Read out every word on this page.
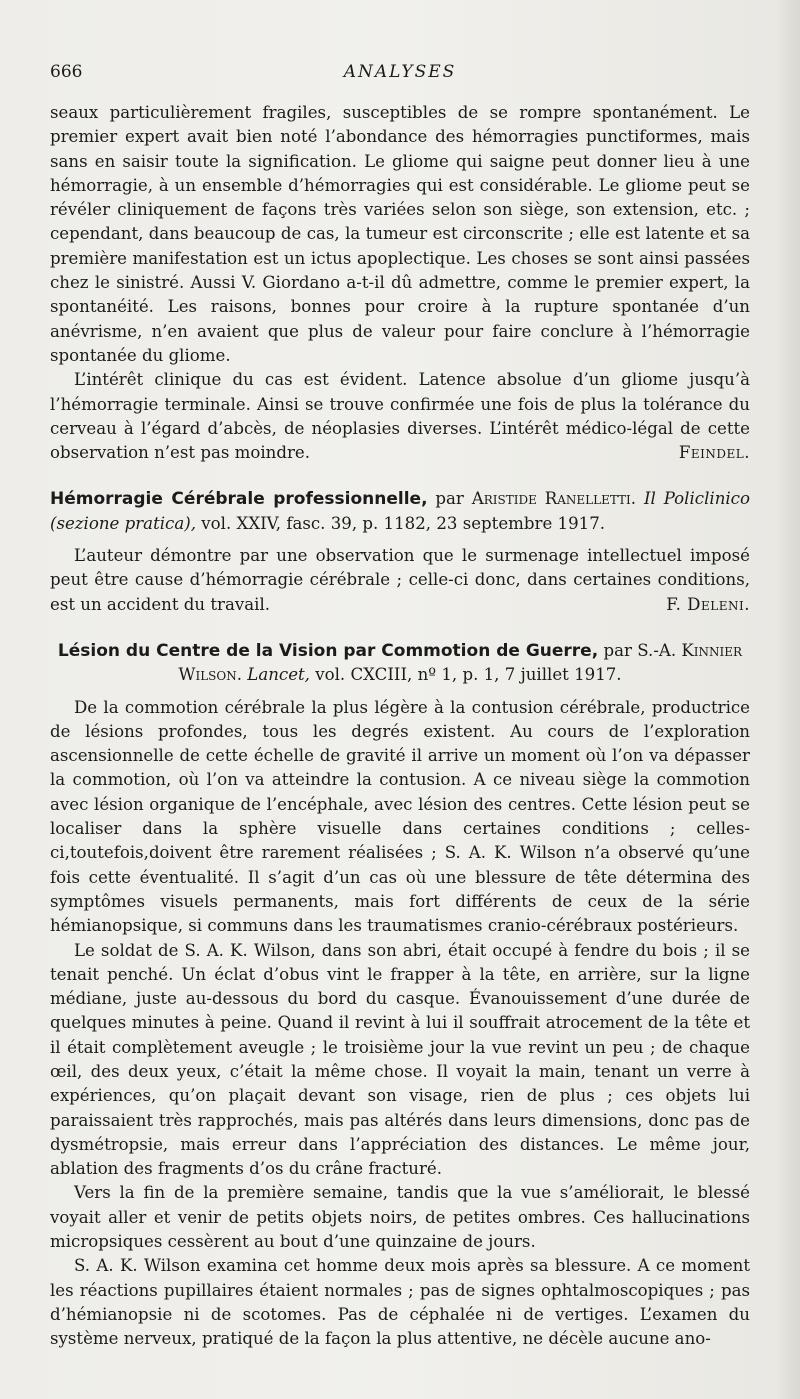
666	ANALYSES

seaux particulièrement fragiles, susceptibles de se rompre spontanément. Le premier expert avait bien noté l’abondance des hémorragies punctiformes, mais sans en saisir toute la signification. Le gliome qui saigne peut donner lieu à une hémorragie, à un ensemble d’hémorragies qui est considérable. Le gliome peut se révéler cliniquement de façons très variées selon son siège, son extension, etc. ; cependant, dans beaucoup de cas, la tumeur est circonscrite ; elle est latente et sa première manifestation est un ictus apoplectique. Les choses se sont ainsi passées chez le sinistré. Aussi V. Giordano a-t-il dû admettre, comme le premier expert, la spontanéité. Les raisons, bonnes pour croire à la rupture spontanée d’un anévrisme, n’en avaient que plus de valeur pour faire conclure à l’hémorragie spontanée du gliome.

L’intérêt clinique du cas est évident. Latence absolue d’un gliome jusqu’à l’hémorragie terminale. Ainsi se trouve confirmée une fois de plus la tolérance du cerveau à l’égard d’abcès, de néoplasies diverses. L’intérêt médico-légal de cette observation n’est pas moindre.	Feindel.

Hémorragie Cérébrale professionnelle, par Aristide Ranelletti. Il Policlinico (sezione pratica), vol. XXIV, fasc. 39, p. 1182, 23 septembre 1917.

L’auteur démontre par une observation que le surmenage intellectuel imposé peut être cause d’hémorragie cérébrale ; celle-ci donc, dans certaines conditions, est un accident du travail.	F. Deleni.

Lésion du Centre de la Vision par Commotion de Guerre, par S.-A. Kinnier Wilson. Lancet, vol. CXCIII, nº 1, p. 1, 7 juillet 1917.

De la commotion cérébrale la plus légère à la contusion cérébrale, productrice de lésions profondes, tous les degrés existent. Au cours de l’exploration ascensionnelle de cette échelle de gravité il arrive un moment où l’on va dépasser la commotion, où l’on va atteindre la contusion. A ce niveau siège la commotion avec lésion organique de l’encéphale, avec lésion des centres. Cette lésion peut se localiser dans la sphère visuelle dans certaines conditions ; celles-ci,toutefois,doivent être rarement réalisées ; S. A. K. Wilson n’a observé qu’une fois cette éventualité. Il s’agit d’un cas où une blessure de tête détermina des symptômes visuels permanents, mais fort différents de ceux de la série hémianopsique, si communs dans les traumatismes cranio-cérébraux postérieurs.

Le soldat de S. A. K. Wilson, dans son abri, était occupé à fendre du bois ; il se tenait penché. Un éclat d’obus vint le frapper à la tête, en arrière, sur la ligne médiane, juste au-dessous du bord du casque. Évanouissement d’une durée de quelques minutes à peine. Quand il revint à lui il souffrait atrocement de la tête et il était complètement aveugle ; le troisième jour la vue revint un peu ; de chaque œil, des deux yeux, c’était la même chose. Il voyait la main, tenant un verre à expériences, qu’on plaçait devant son visage, rien de plus ; ces objets lui paraissaient très rapprochés, mais pas altérés dans leurs dimensions, donc pas de dysmétropsie, mais erreur dans l’appréciation des distances. Le même jour, ablation des fragments d’os du crâne fracturé.

Vers la fin de la première semaine, tandis que la vue s’améliorait, le blessé voyait aller et venir de petits objets noirs, de petites ombres. Ces hallucinations micropsiques cessèrent au bout d’une quinzaine de jours.

S. A. K. Wilson examina cet homme deux mois après sa blessure. A ce moment les réactions pupillaires étaient normales ; pas de signes ophtalmoscopiques ; pas d’hémianopsie ni de scotomes. Pas de céphalée ni de vertiges. L’examen du système nerveux, pratiqué de la façon la plus attentive, ne décèle aucune ano-
